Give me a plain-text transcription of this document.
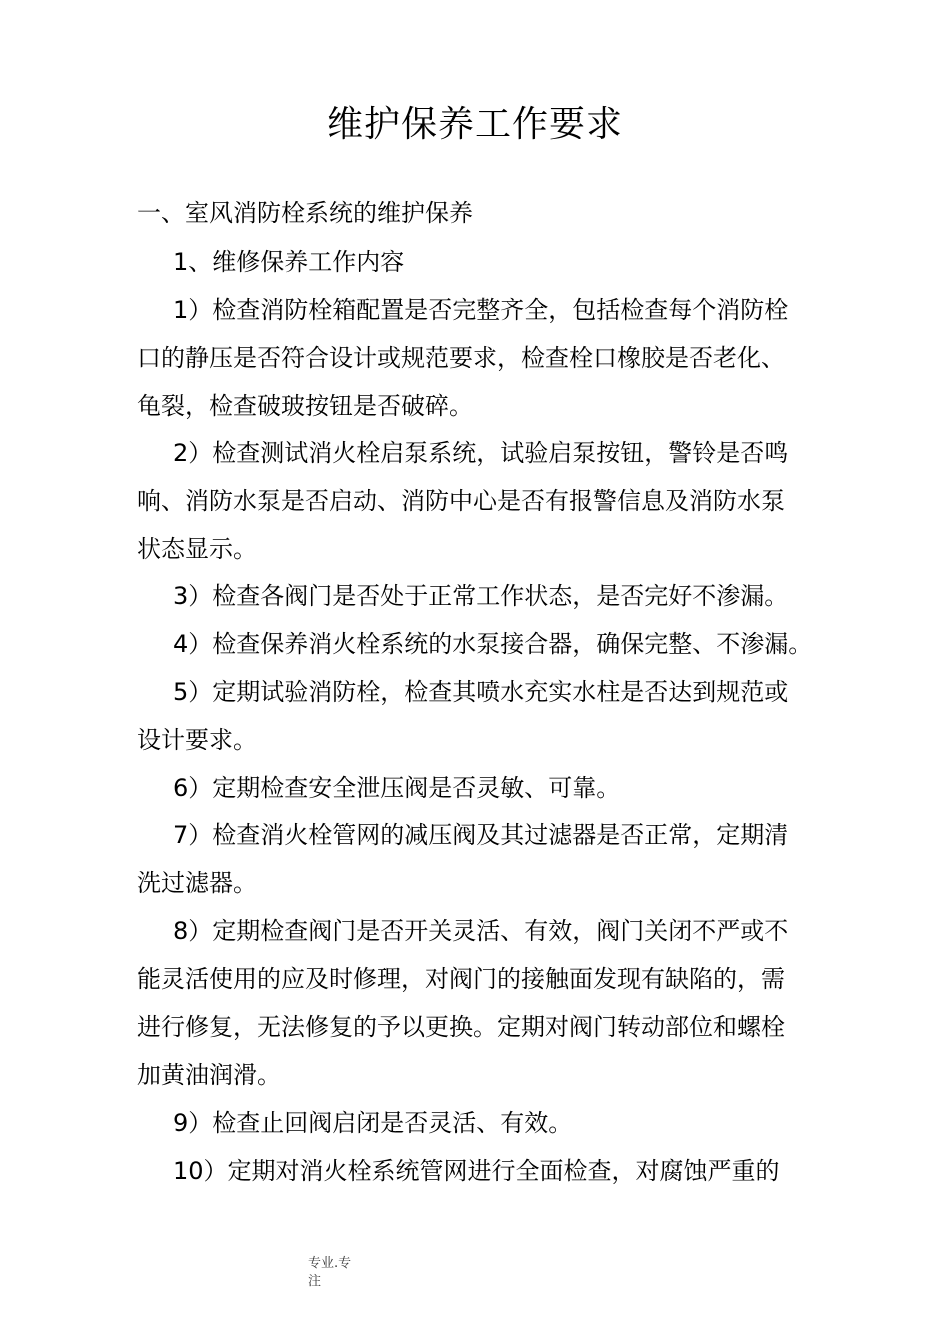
维护保养工作要求
一、室风消防栓系统的维护保养
1、维修保养工作内容
1）检查消防栓箱配置是否完整齐全，包括检查每个消防栓
口的静压是否符合设计或规范要求，检查栓口橡胶是否老化、
龟裂，检查破玻按钮是否破碎。
2）检查测试消火栓启泵系统，试验启泵按钮，警铃是否鸣
响、消防水泵是否启动、消防中心是否有报警信息及消防水泵
状态显示。
3）检查各阀门是否处于正常工作状态，是否完好不渗漏。
4）检查保养消火栓系统的水泵接合器，确保完整、不渗漏。
5）定期试验消防栓，检查其喷水充实水柱是否达到规范或
设计要求。
6）定期检查安全泄压阀是否灵敏、可靠。
7）检查消火栓管网的减压阀及其过滤器是否正常，定期清
洗过滤器。
8）定期检查阀门是否开关灵活、有效，阀门关闭不严或不
能灵活使用的应及时修理，对阀门的接触面发现有缺陷的，需
进行修复，无法修复的予以更换。定期对阀门转动部位和螺栓
加黄油润滑。
9）检查止回阀启闭是否灵活、有效。
10）定期对消火栓系统管网进行全面检查，对腐蚀严重的
专业.专
注
